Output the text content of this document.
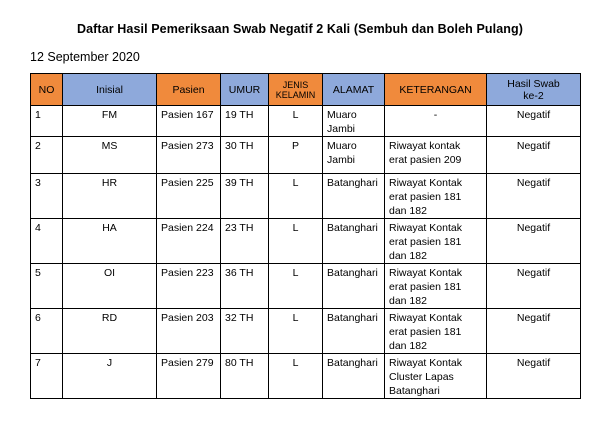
Daftar Hasil Pemeriksaan Swab Negatif 2 Kali (Sembuh dan Boleh Pulang)
12 September 2020
NO	Inisial	Pasien	UMUR	JENIS
KELAMIN	ALAMAT	KETERANGAN	Hasil Swab
ke-2
1	FM	Pasien 167	19 TH	L	Muaro
Jambi	-	Negatif
2	MS	Pasien 273	30 TH	P	Muaro
Jambi	Riwayat kontak
erat pasien 209	Negatif
3	HR	Pasien 225	39 TH	L	Batanghari	Riwayat Kontak
erat pasien 181
dan 182	Negatif
4	HA	Pasien 224	23 TH	L	Batanghari	Riwayat Kontak
erat pasien 181
dan 182	Negatif
5	OI	Pasien 223	36 TH	L	Batanghari	Riwayat Kontak
erat pasien 181
dan 182	Negatif
6	RD	Pasien 203	32 TH	L	Batanghari	Riwayat Kontak
erat pasien 181
dan 182	Negatif
7	J	Pasien 279	80 TH	L	Batanghari	Riwayat Kontak
Cluster Lapas
Batanghari	Negatif
